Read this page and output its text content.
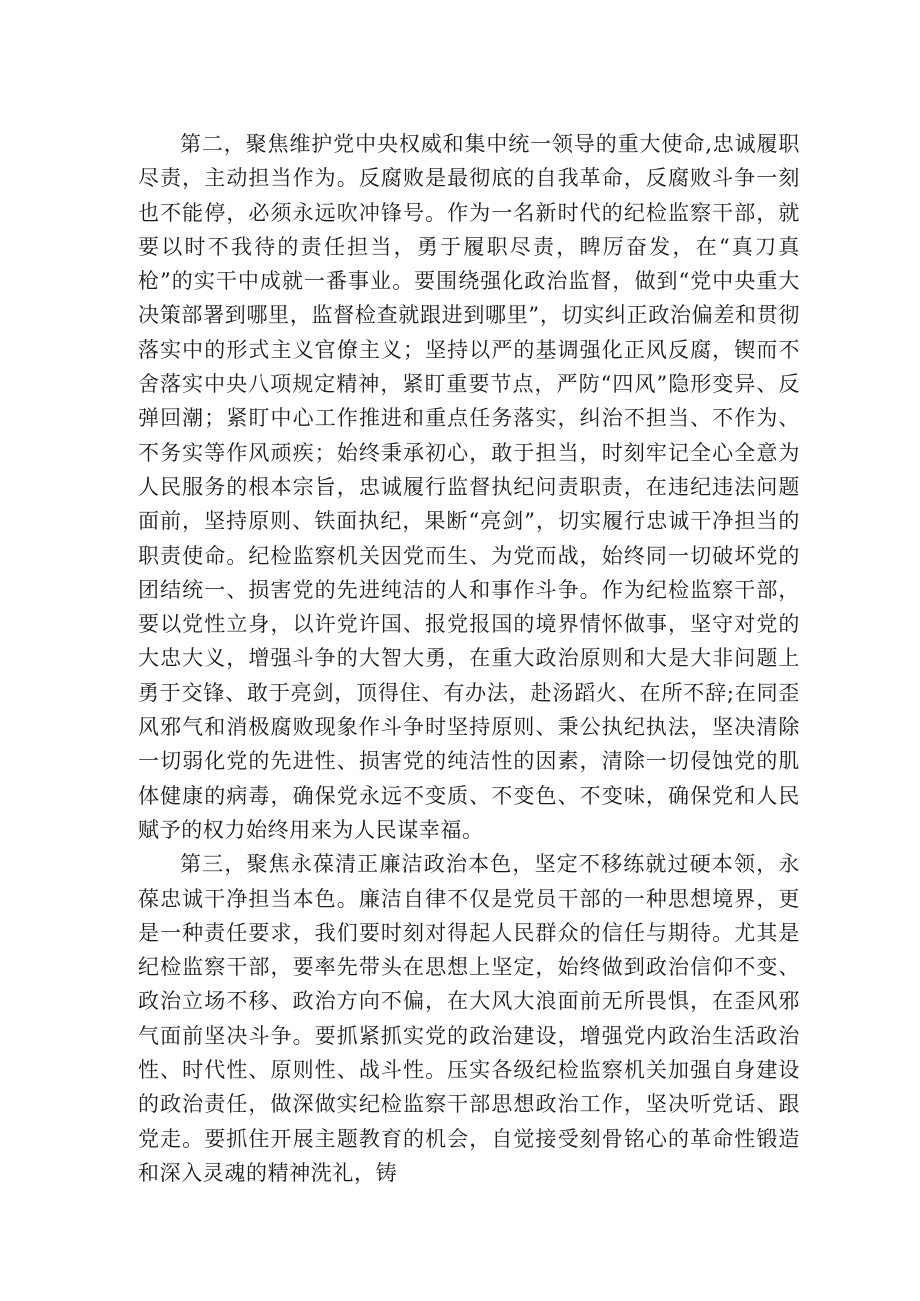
第二，聚焦维护党中央权威和集中统一领导的重大使命,忠诚履职尽责，主动担当作为。反腐败是最彻底的自我革命，反腐败斗争一刻也不能停，必须永远吹冲锋号。作为一名新时代的纪检监察干部，就要以时不我待的责任担当，勇于履职尽责，睥厉奋发，在“真刀真枪”的实干中成就一番事业。要围绕强化政治监督，做到“党中央重大决策部署到哪里，监督检查就跟进到哪里”，切实纠正政治偏差和贯彻落实中的形式主义官僚主义；坚持以严的基调强化正风反腐，锲而不舍落实中央八项规定精神，紧盯重要节点，严防“四风”隐形变异、反弹回潮；紧盯中心工作推进和重点任务落实，纠治不担当、不作为、不务实等作风顽疾；始终秉承初心，敢于担当，时刻牢记全心全意为人民服务的根本宗旨，忠诚履行监督执纪问责职责，在违纪违法问题面前，坚持原则、铁面执纪，果断“亮剑”，切实履行忠诚干净担当的职责使命。纪检监察机关因党而生、为党而战，始终同一切破坏党的团结统一、损害党的先进纯洁的人和事作斗争。作为纪检监察干部，要以党性立身，以许党许国、报党报国的境界情怀做事，坚守对党的大忠大义，增强斗争的大智大勇，在重大政治原则和大是大非问题上勇于交锋、敢于亮剑，顶得住、有办法，赴汤蹈火、在所不辞;在同歪风邪气和消极腐败现象作斗争时坚持原则、秉公执纪执法，坚决清除一切弱化党的先进性、损害党的纯洁性的因素，清除一切侵蚀党的肌体健康的病毒，确保党永远不变质、不变色、不变味，确保党和人民赋予的权力始终用来为人民谋幸福。

第三，聚焦永葆清正廉洁政治本色，坚定不移练就过硬本领，永葆忠诚干净担当本色。廉洁自律不仅是党员干部的一种思想境界，更是一种责任要求，我们要时刻对得起人民群众的信任与期待。尤其是纪检监察干部，要率先带头在思想上坚定，始终做到政治信仰不变、政治立场不移、政治方向不偏，在大风大浪面前无所畏惧，在歪风邪气面前坚决斗争。要抓紧抓实党的政治建设，增强党内政治生活政治性、时代性、原则性、战斗性。压实各级纪检监察机关加强自身建设的政治责任，做深做实纪检监察干部思想政治工作，坚决听党话、跟党走。要抓住开展主题教育的机会，自觉接受刻骨铭心的革命性锻造和深入灵魂的精神洗礼，铸
